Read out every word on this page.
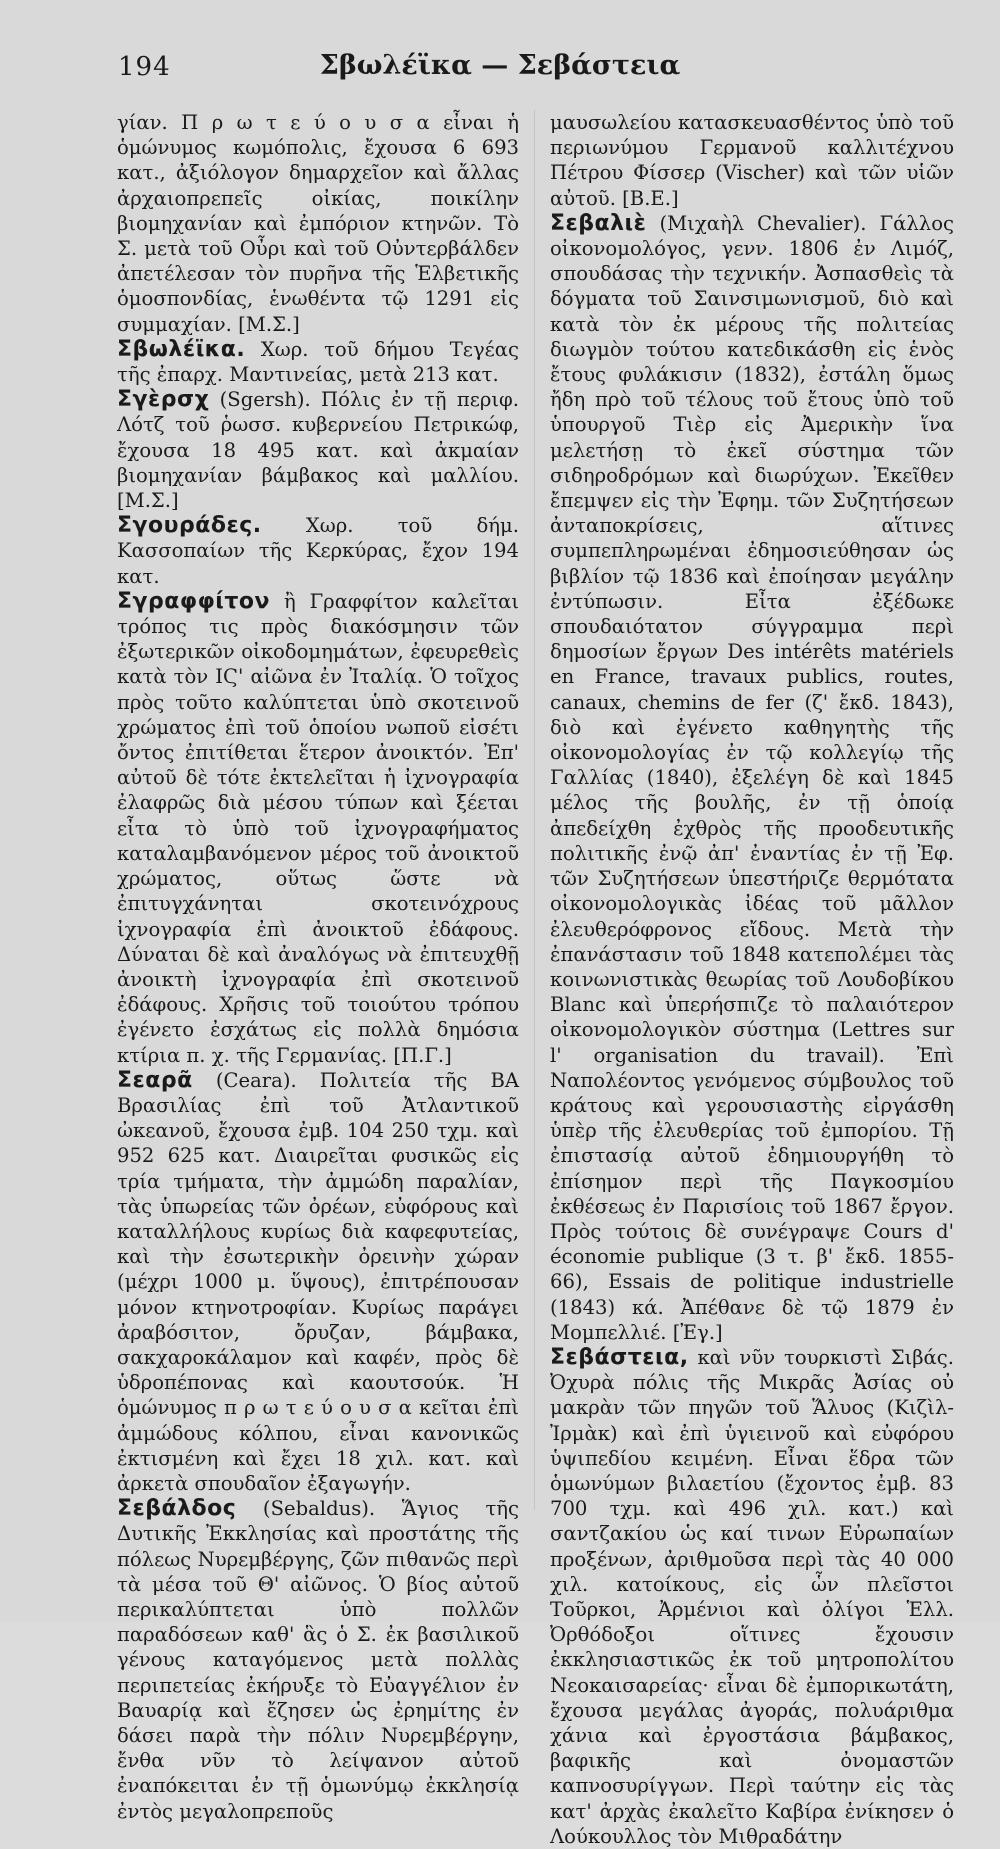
194	Σβωλέϊκα — Σεβάστεια

γίαν. Π ρ ω τ ε ύ ο υ σ α εἶναι ἡ ὁμώνυμος κωμόπολις, ἔχουσα 6 693 κατ., ἀξιόλογον δημαρχεῖον καὶ ἄλλας ἀρχαιοπρεπεῖς οἰκίας, ποικίλην βιομηχανίαν καὶ ἐμπόριον κτηνῶν. Τὸ Σ. μετὰ τοῦ Οὖρι καὶ τοῦ Οὐντερβάλδεν ἀπετέλεσαν τὸν πυρῆνα τῆς Ἑλβετικῆς ὁμοσπονδίας, ἑνωθέντα τῷ 1291 εἰς συμμαχίαν. [Μ.Σ.]

Σβωλέϊκα. Χωρ. τοῦ δήμου Τεγέας τῆς ἐπαρχ. Μαντινείας, μετὰ 213 κατ.

Σγὲρσχ (Sgersh). Πόλις ἐν τῇ περιφ. Λότζ τοῦ ῥωσσ. κυβερνείου Πετρικώφ, ἔχουσα 18 495 κατ. καὶ ἀκμαίαν βιομηχανίαν βάμβακος καὶ μαλλίου. [Μ.Σ.]

Σγουράδες. Χωρ. τοῦ δήμ. Κασσοπαίων τῆς Κερκύρας, ἔχον 194 κατ.

Σγραφφίτον ἢ Γραφφίτον καλεῖται τρόπος τις πρὸς διακόσμησιν τῶν ἐξωτερικῶν οἰκοδομημάτων, ἐφευρεθεὶς κατὰ τὸν ΙϚ' αἰῶνα ἐν Ἰταλίᾳ. Ὁ τοῖχος πρὸς τοῦτο καλύπτεται ὑπὸ σκοτεινοῦ χρώματος ἐπὶ τοῦ ὁποίου νωποῦ εἰσέτι ὄντος ἐπιτίθεται ἕτερον ἀνοικτόν. Ἐπ' αὐτοῦ δὲ τότε ἐκτελεῖται ἡ ἰχνογραφία ἐλαφρῶς διὰ μέσου τύπων καὶ ξέεται εἶτα τὸ ὑπὸ τοῦ ἰχνογραφήματος καταλαμβανόμενον μέρος τοῦ ἀνοικτοῦ χρώματος, οὕτως ὥστε νὰ ἐπιτυγχάνηται σκοτεινόχρους ἰχνογραφία ἐπὶ ἀνοικτοῦ ἐδάφους. Δύναται δὲ καὶ ἀναλόγως νὰ ἐπιτευχθῇ ἀνοικτὴ ἰχνογραφία ἐπὶ σκοτεινοῦ ἐδάφους. Χρῆσις τοῦ τοιούτου τρόπου ἐγένετο ἐσχάτως εἰς πολλὰ δημόσια κτίρια π. χ. τῆς Γερμανίας. [Π.Γ.]

Σεαρᾶ (Ceara). Πολιτεία τῆς ΒΑ Βρασιλίας ἐπὶ τοῦ Ἀτλαντικοῦ ὠκεανοῦ, ἔχουσα ἐμβ. 104 250 τχμ. καὶ 952 625 κατ. Διαιρεῖται φυσικῶς εἰς τρία τμήματα, τὴν ἀμμώδη παραλίαν, τὰς ὑπωρείας τῶν ὀρέων, εὐφόρους καὶ καταλλήλους κυρίως διὰ καφεφυτείας, καὶ τὴν ἐσωτερικὴν ὀρεινὴν χώραν (μέχρι 1000 μ. ὕψους), ἐπιτρέπουσαν μόνον κτηνοτροφίαν. Κυρίως παράγει ἀραβόσιτον, ὄρυζαν, βάμβακα, σακχαροκάλαμον καὶ καφέν, πρὸς δὲ ὑδροπέπονας καὶ καουτσούκ. Ἡ ὁμώνυμος π ρ ω τ ε ύ ο υ σ α κεῖται ἐπὶ ἀμμώδους κόλπου, εἶναι κανονικῶς ἐκτισμένη καὶ ἔχει 18 χιλ. κατ. καὶ ἀρκετὰ σπουδαῖον ἐξαγωγήν.

Σεβάλδος (Sebaldus). Ἅγιος τῆς Δυτικῆς Ἐκκλησίας καὶ προστάτης τῆς πόλεως Νυρεμβέργης, ζῶν πιθανῶς περὶ τὰ μέσα τοῦ Θ' αἰῶνος. Ὁ βίος αὐτοῦ περικαλύπτεται ὑπὸ πολλῶν παραδόσεων καθ' ἃς ὁ Σ. ἐκ βασιλικοῦ γένους καταγόμενος μετὰ πολλὰς περιπετείας ἐκήρυξε τὸ Εὐαγγέλιον ἐν Βαυαρίᾳ καὶ ἔζησεν ὡς ἐρημίτης ἐν δάσει παρὰ τὴν πόλιν Νυρεμβέργην, ἔνθα νῦν τὸ λείψανον αὐτοῦ ἐναπόκειται ἐν τῇ ὁμωνύμῳ ἐκκλησίᾳ ἐντὸς μεγαλοπρεποῦς

μαυσωλείου κατασκευασθέντος ὑπὸ τοῦ περιωνύμου Γερμανοῦ καλλιτέχνου Πέτρου Φίσσερ (Vischer) καὶ τῶν υἱῶν αὐτοῦ. [Β.Ε.]

Σεβαλιὲ (Μιχαὴλ Chevalier). Γάλλος οἰκονομολόγος, γενν. 1806 ἐν Λιμόζ, σπουδάσας τὴν τεχνικήν. Ἀσπασθεὶς τὰ δόγματα τοῦ Σαινσιμωνισμοῦ, διὸ καὶ κατὰ τὸν ἐκ μέρους τῆς πολιτείας διωγμὸν τούτου κατεδικάσθη εἰς ἑνὸς ἔτους φυλάκισιν (1832), ἐστάλη ὅμως ἤδη πρὸ τοῦ τέλους τοῦ ἔτους ὑπὸ τοῦ ὑπουργοῦ Τιὲρ εἰς Ἀμερικὴν ἵνα μελετήσῃ τὸ ἐκεῖ σύστημα τῶν σιδηροδρόμων καὶ διωρύχων. Ἐκεῖθεν ἔπεμψεν εἰς τὴν Ἐφημ. τῶν Συζητήσεων ἀνταποκρίσεις, αἵτινες συμπεπληρωμέναι ἐδημοσιεύθησαν ὡς βιβλίον τῷ 1836 καὶ ἐποίησαν μεγάλην ἐντύπωσιν. Εἶτα ἐξέδωκε σπουδαιότατον σύγγραμμα περὶ δημοσίων ἔργων Des intérêts matériels en France, travaux publics, routes, canaux, chemins de fer (ζ' ἔκδ. 1843), διὸ καὶ ἐγένετο καθηγητὴς τῆς οἰκονομολογίας ἐν τῷ κολλεγίῳ τῆς Γαλλίας (1840), ἐξελέγη δὲ καὶ 1845 μέλος τῆς βουλῆς, ἐν τῇ ὁποίᾳ ἀπεδείχθη ἐχθρὸς τῆς προοδευτικῆς πολιτικῆς ἐνῷ ἀπ' ἐναντίας ἐν τῇ Ἐφ. τῶν Συζητήσεων ὑπεστήριζε θερμότατα οἰκονομολογικὰς ἰδέας τοῦ μᾶλλον ἐλευθερόφρονος εἴδους. Μετὰ τὴν ἐπανάστασιν τοῦ 1848 κατεπολέμει τὰς κοινωνιστικὰς θεωρίας τοῦ Λουδοβίκου Blanc καὶ ὑπερήσπιζε τὸ παλαιότερον οἰκονομολογικὸν σύστημα (Lettres sur l' organisation du travail). Ἐπὶ Ναπολέοντος γενόμενος σύμβουλος τοῦ κράτους καὶ γερουσιαστὴς εἰργάσθη ὑπὲρ τῆς ἐλευθερίας τοῦ ἐμπορίου. Τῇ ἐπιστασίᾳ αὐτοῦ ἐδημιουργήθη τὸ ἐπίσημον περὶ τῆς Παγκοσμίου ἐκθέσεως ἐν Παρισίοις τοῦ 1867 ἔργον. Πρὸς τούτοις δὲ συνέγραψε Cours d' économie publique (3 τ. β' ἔκδ. 1855-66), Essais de politique industrielle (1843) κά. Ἀπέθανε δὲ τῷ 1879 ἐν Μομπελλιέ. [Ἐγ.]

Σεβάστεια, καὶ νῦν τουρκιστὶ Σιβάς. Ὀχυρὰ πόλις τῆς Μικρᾶς Ἀσίας οὐ μακρὰν τῶν πηγῶν τοῦ Ἅλυος (Κιζὶλ-Ἰρμὰκ) καὶ ἐπὶ ὑγιεινοῦ καὶ εὐφόρου ὑψιπεδίου κειμένη. Εἶναι ἕδρα τῶν ὁμωνύμων βιλαετίου (ἔχοντος ἐμβ. 83 700 τχμ. καὶ 496 χιλ. κατ.) καὶ σαντζακίου ὡς καί τινων Εὐρωπαίων προξένων, ἀριθμοῦσα περὶ τὰς 40 000 χιλ. κατοίκους, εἰς ὧν πλεῖστοι Τοῦρκοι, Ἀρμένιοι καὶ ὀλίγοι Ἑλλ. Ὀρθόδοξοι οἵτινες ἔχουσιν ἐκκλησιαστικῶς ἐκ τοῦ μητροπολίτου Νεοκαισαρείας· εἶναι δὲ ἐμπορικωτάτη, ἔχουσα μεγάλας ἀγοράς, πολυάριθμα χάνια καὶ ἐργοστάσια βάμβακος, βαφικῆς καὶ ὀνομαστῶν καπνοσυρίγγων. Περὶ ταύτην εἰς τὰς κατ' ἀρχὰς ἐκαλεῖτο Καβίρα ἐνίκησεν ὁ Λούκουλλος τὸν Μιθραδάτην
